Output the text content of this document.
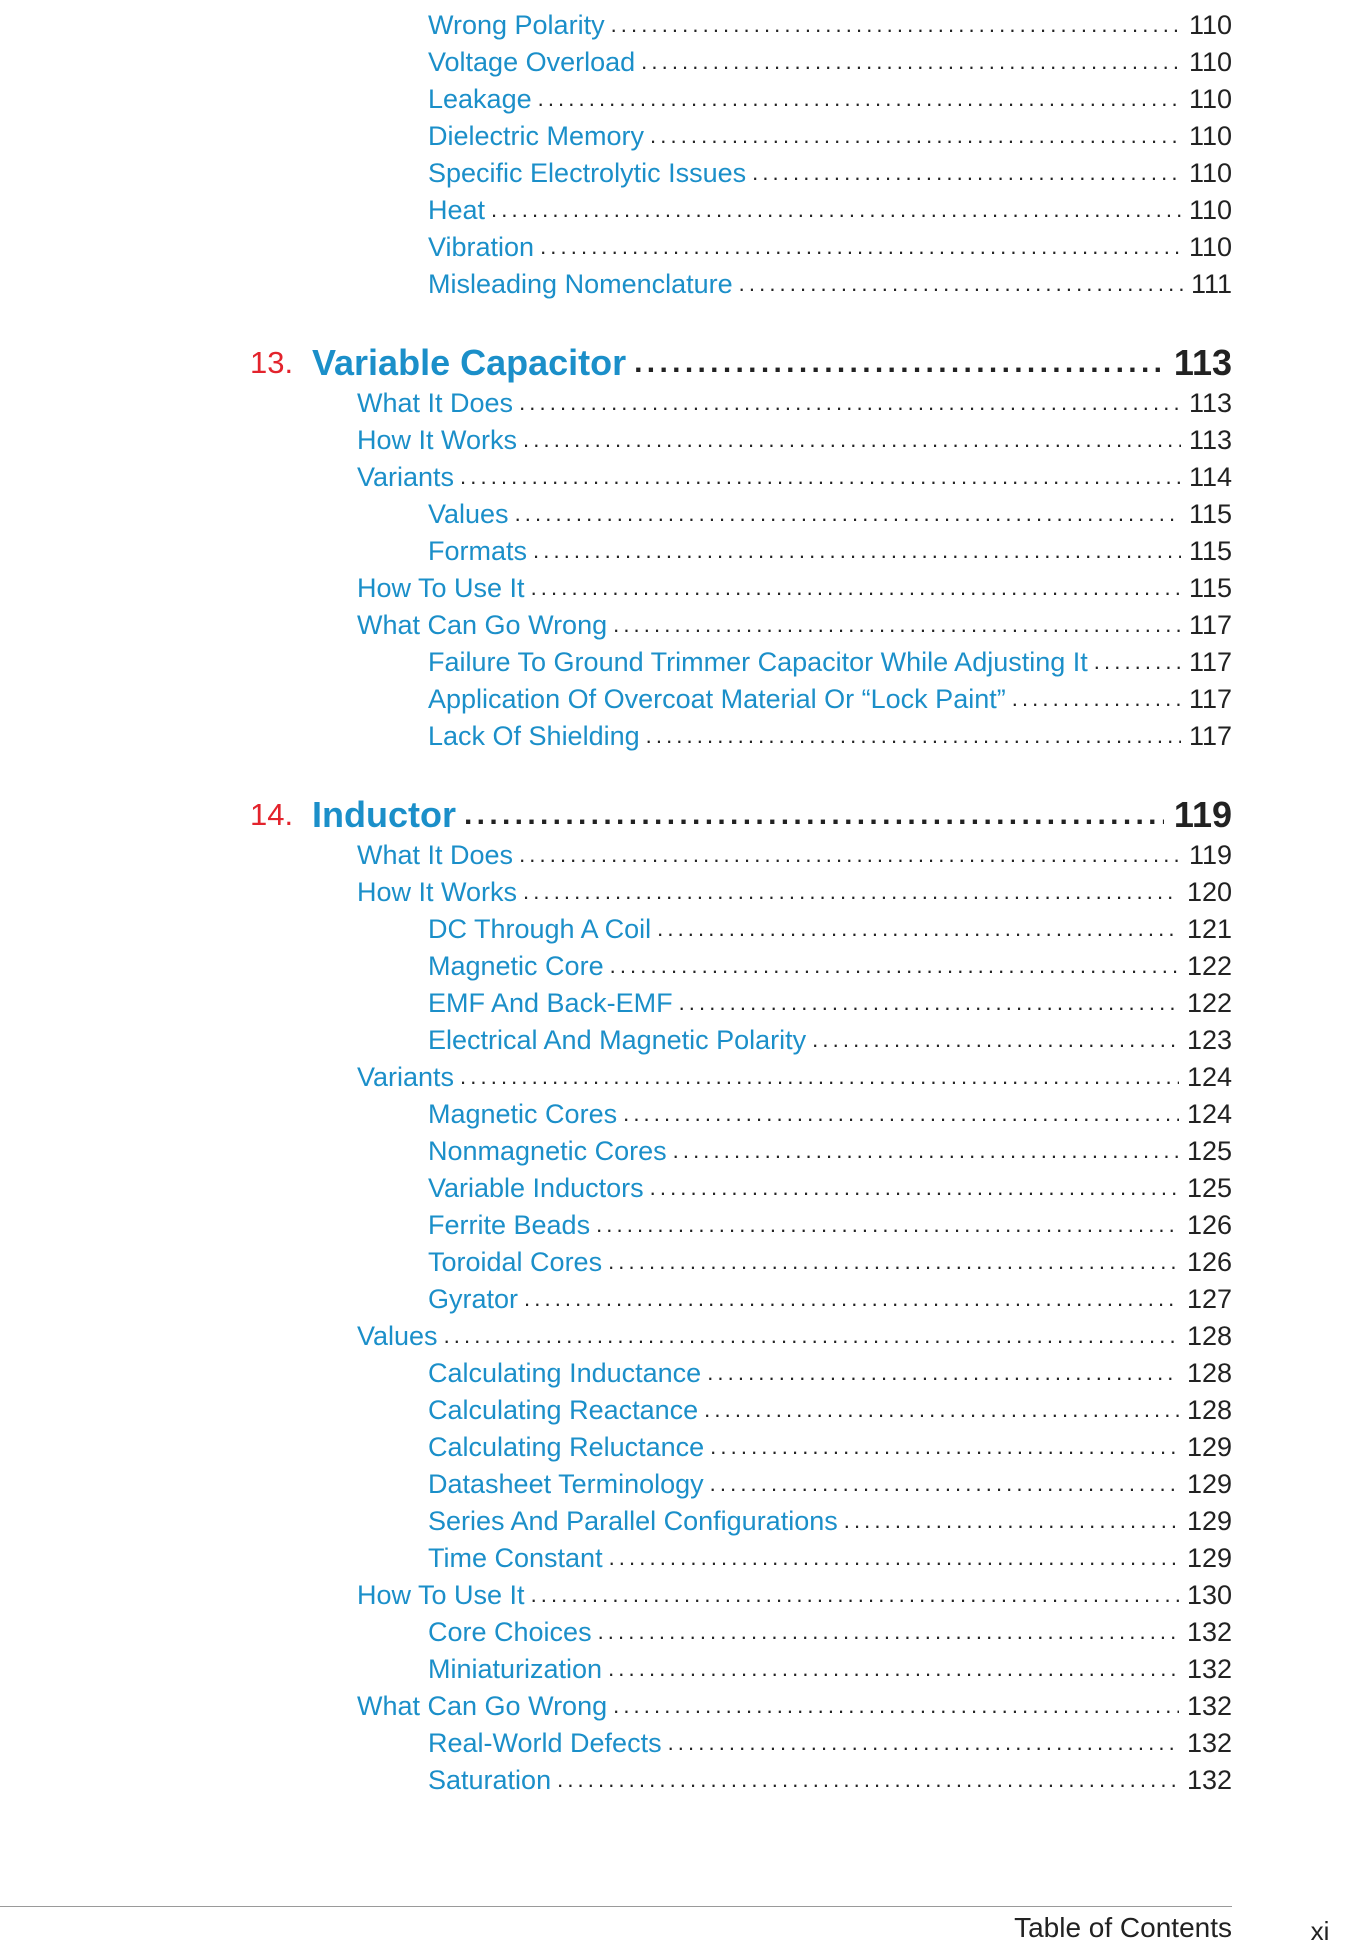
Wrong Polarity . . .	110
Voltage Overload . . .	110
Leakage . . .	110
Dielectric Memory . . .	110
Specific Electrolytic Issues . . .	110
Heat . . .	110
Vibration . . .	110
Misleading Nomenclature . . .	111
13. Variable Capacitor . . .	113
What It Does . . .	113
How It Works . . .	113
Variants . . .	114
Values . . .	115
Formats . . .	115
How To Use It . . .	115
What Can Go Wrong . . .	117
Failure To Ground Trimmer Capacitor While Adjusting It . . .	117
Application Of Overcoat Material Or “Lock Paint” . . .	117
Lack Of Shielding . . .	117
14. Inductor . . .	119
What It Does . . .	119
How It Works . . .	120
DC Through A Coil . . .	121
Magnetic Core . . .	122
EMF And Back-EMF . . .	122
Electrical And Magnetic Polarity . . .	123
Variants . . .	124
Magnetic Cores . . .	124
Nonmagnetic Cores . . .	125
Variable Inductors . . .	125
Ferrite Beads . . .	126
Toroidal Cores . . .	126
Gyrator . . .	127
Values . . .	128
Calculating Inductance . . .	128
Calculating Reactance . . .	128
Calculating Reluctance . . .	129
Datasheet Terminology . . .	129
Series And Parallel Configurations . . .	129
Time Constant . . .	129
How To Use It . . .	130
Core Choices . . .	132
Miniaturization . . .	132
What Can Go Wrong . . .	132
Real-World Defects . . .	132
Saturation . . .	132
Table of Contents	xi
